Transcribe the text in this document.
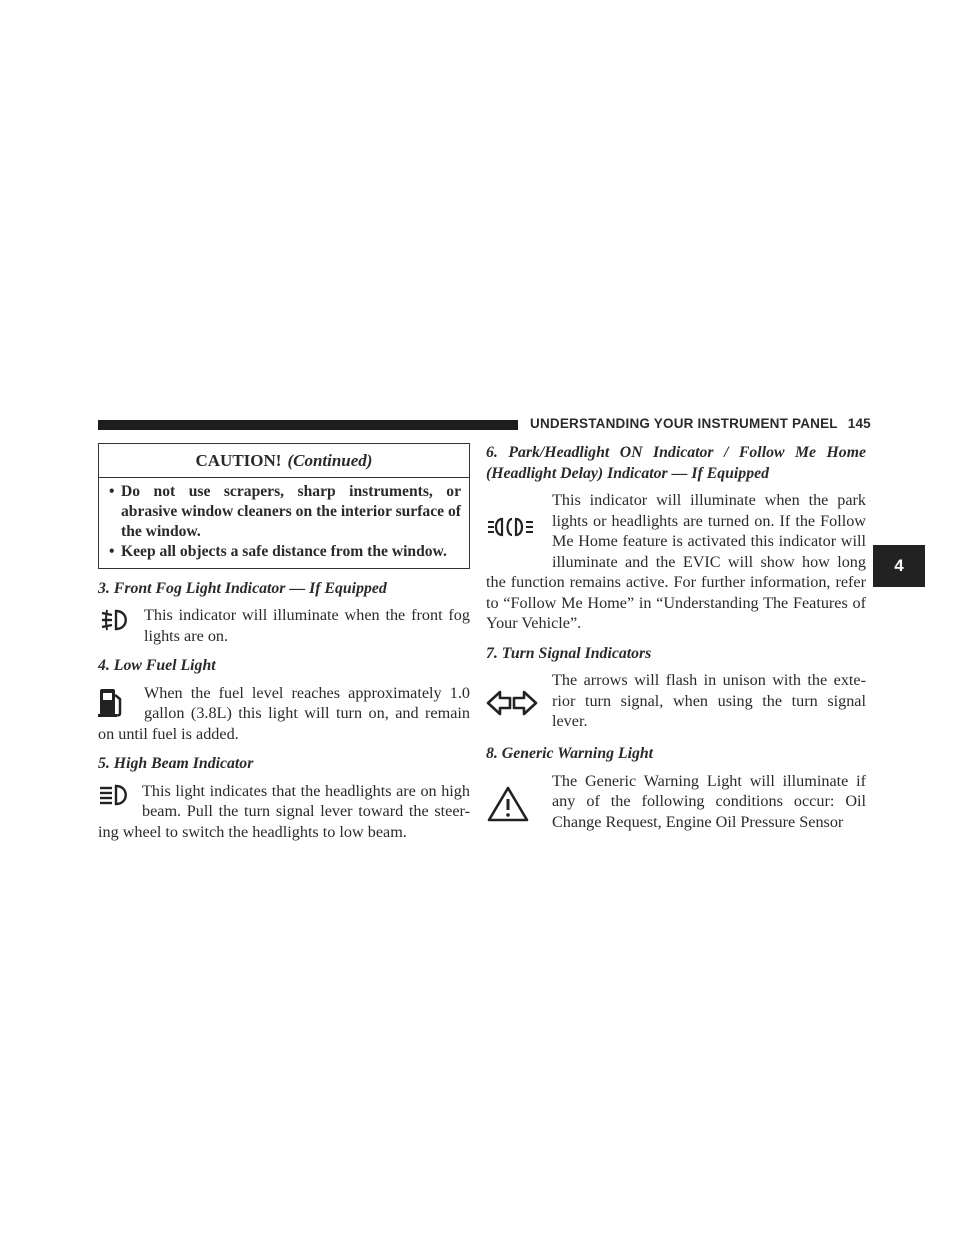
UNDERSTANDING YOUR INSTRUMENT PANEL 145
4
CAUTION! (Continued)
• Do not use scrapers, sharp instruments, or abrasive window cleaners on the interior surface of the window.
• Keep all objects a safe distance from the window.
3. Front Fog Light Indicator — If Equipped

This indicator will illuminate when the front fog lights are on.

4. Low Fuel Light

When the fuel level reaches approximately 1.0 gallon (3.8L) this light will turn on, and remain on until fuel is added.

5. High Beam Indicator

This light indicates that the headlights are on high beam. Pull the turn signal lever toward the steer-ing wheel to switch the headlights to low beam.

6. Park/Headlight ON Indicator / Follow Me Home (Headlight Delay) Indicator — If Equipped

This indicator will illuminate when the park lights or headlights are turned on. If the Follow Me Home feature is activated this indicator will illuminate and the EVIC will show how long the function remains active. For further information, refer to “Follow Me Home” in “Understanding The Features of Your Vehicle”.

7. Turn Signal Indicators

The arrows will flash in unison with the exte-rior turn signal, when using the turn signal lever.

8. Generic Warning Light

The Generic Warning Light will illuminate if any of the following conditions occur: Oil Change Request, Engine Oil Pressure Sensor
